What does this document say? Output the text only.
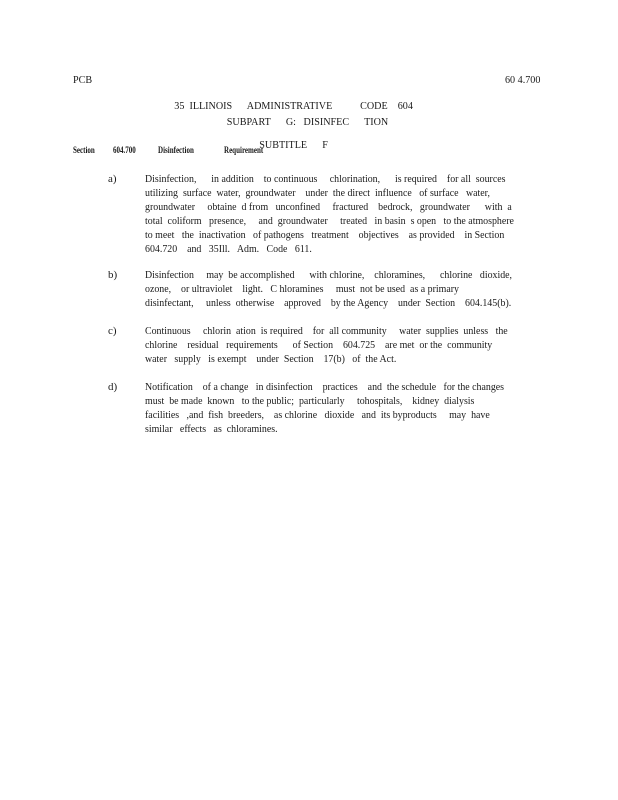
PCB

35  ILLINOIS      ADMINISTRATIVE           CODE    604

SUBTITLE      F

60 4.700
SUBPART      G:   DISINFEC      TION
Section 604.700 Disinfection	Requirement
a)	Disinfection,      in addition    to continuous     chlorination,      is required    for all  sources
utilizing  surface  water,  groundwater    under  the direct  influence   of surface   water,
groundwater     obtaine  d from   unconfined     fractured    bedrock,   groundwater      with  a
total  coliform   presence,     and  groundwater     treated   in basin  s open   to the atmosphere
to meet   the  inactivation   of pathogens   treatment    objectives    as provided    in Section
604.720    and   35Ill.   Adm.   Code   611.
b)	Disinfection     may  be accomplished      with chlorine,    chloramines,      chlorine   dioxide,
ozone,    or ultraviolet    light.   C hloramines     must  not be used  as a primary
disinfectant,     unless  otherwise    approved    by the Agency    under  Section    604.145(b).
c)	Continuous     chlorin  ation  is required    for  all community     water  supplies  unless   the
chlorine    residual   requirements      of Section    604.725    are met  or the  community
water   supply   is exempt    under  Section    17(b)   of  the Act.
d)	Notification    of a change   in disinfection    practices    and  the schedule   for the changes
must  be made  known   to the public;  particularly     tohospitals,    kidney  dialysis
facilities   ,and  fish  breeders,    as chlorine   dioxide   and  its byproducts     may  have
similar   effects   as  chloramines.
